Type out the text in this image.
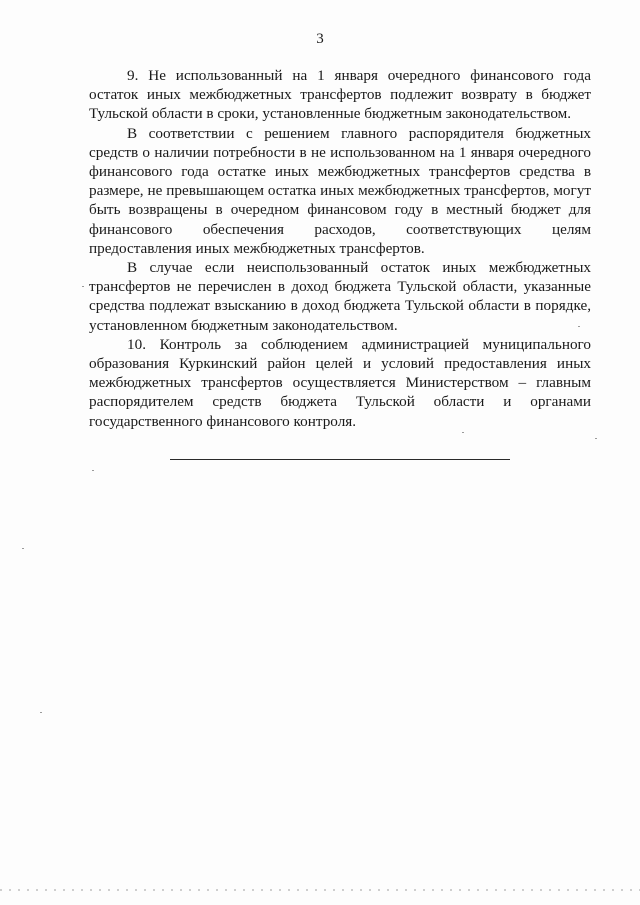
3

9. Не использованный на 1 января очередного финансового года остаток иных межбюджетных трансфертов подлежит возврату в бюджет Тульской области в сроки, установленные бюджетным законодательством.

В соответствии с решением главного распорядителя бюджетных средств о наличии потребности в не использованном на 1 января очередного финансового года остатке иных межбюджетных трансфертов средства в размере, не превышающем остатка иных межбюджетных трансфертов, могут быть возвращены в очередном финансовом году в местный бюджет для финансового обеспечения расходов, соответствующих целям предоставления иных межбюджетных трансфертов.

В случае если неиспользованный остаток иных межбюджетных трансфертов не перечислен в доход бюджета Тульской области, указанные средства подлежат взысканию в доход бюджета Тульской области в порядке, установленном бюджетным законодательством.

10. Контроль за соблюдением администрацией муниципального образования Куркинский район целей и условий предоставления иных межбюджетных трансфертов осуществляется Министерством – главным распорядителем средств бюджета Тульской области и органами государственного финансового контроля.
